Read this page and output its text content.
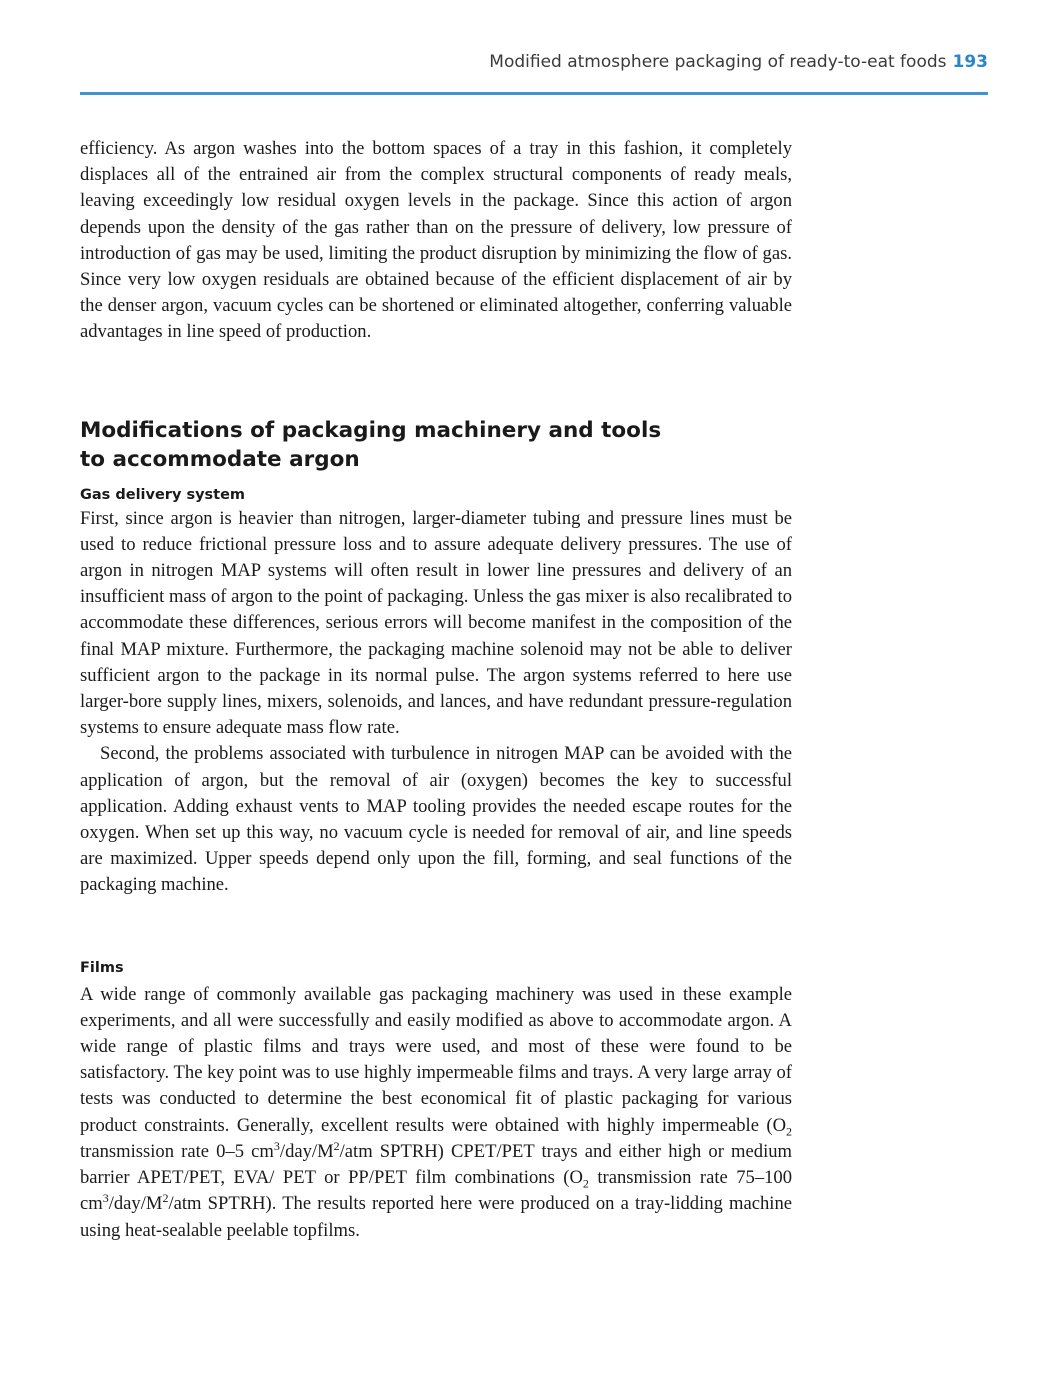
Modified atmosphere packaging of ready-to-eat foods 193

efficiency. As argon washes into the bottom spaces of a tray in this fashion, it completely displaces all of the entrained air from the complex structural components of ready meals, leaving exceedingly low residual oxygen levels in the package. Since this action of argon depends upon the density of the gas rather than on the pressure of delivery, low pressure of introduction of gas may be used, limiting the product disruption by minimizing the flow of gas. Since very low oxygen residuals are obtained because of the efficient displacement of air by the denser argon, vacuum cycles can be shortened or eliminated altogether, conferring valuable advantages in line speed of production.

Modifications of packaging machinery and tools to accommodate argon
Gas delivery system

First, since argon is heavier than nitrogen, larger-diameter tubing and pressure lines must be used to reduce frictional pressure loss and to assure adequate delivery pressures. The use of argon in nitrogen MAP systems will often result in lower line pressures and delivery of an insufficient mass of argon to the point of packaging. Unless the gas mixer is also recalibrated to accommodate these differences, serious errors will become manifest in the composition of the final MAP mixture. Furthermore, the packaging machine solenoid may not be able to deliver sufficient argon to the package in its normal pulse. The argon systems referred to here use larger-bore supply lines, mixers, solenoids, and lances, and have redundant pressure-regulation systems to ensure adequate mass flow rate.

Second, the problems associated with turbulence in nitrogen MAP can be avoided with the application of argon, but the removal of air (oxygen) becomes the key to successful application. Adding exhaust vents to MAP tooling provides the needed escape routes for the oxygen. When set up this way, no vacuum cycle is needed for removal of air, and line speeds are maximized. Upper speeds depend only upon the fill, forming, and seal functions of the packaging machine.

Films

A wide range of commonly available gas packaging machinery was used in these example experiments, and all were successfully and easily modified as above to accommodate argon. A wide range of plastic films and trays were used, and most of these were found to be satisfactory. The key point was to use highly impermeable films and trays. A very large array of tests was conducted to determine the best economical fit of plastic packaging for various product constraints. Generally, excellent results were obtained with highly impermeable ($O_2$ transmission rate 0–5 $cm^3/day/M^2$/atm SPTRH) CPET/PET trays and either high or medium barrier APET/PET, EVA/ PET or PP/PET film combinations ($O_2$ transmission rate 75–100 $cm^3/day/M^2$/atm SPTRH). The results reported here were produced on a tray-lidding machine using heat-sealable peelable topfilms.
